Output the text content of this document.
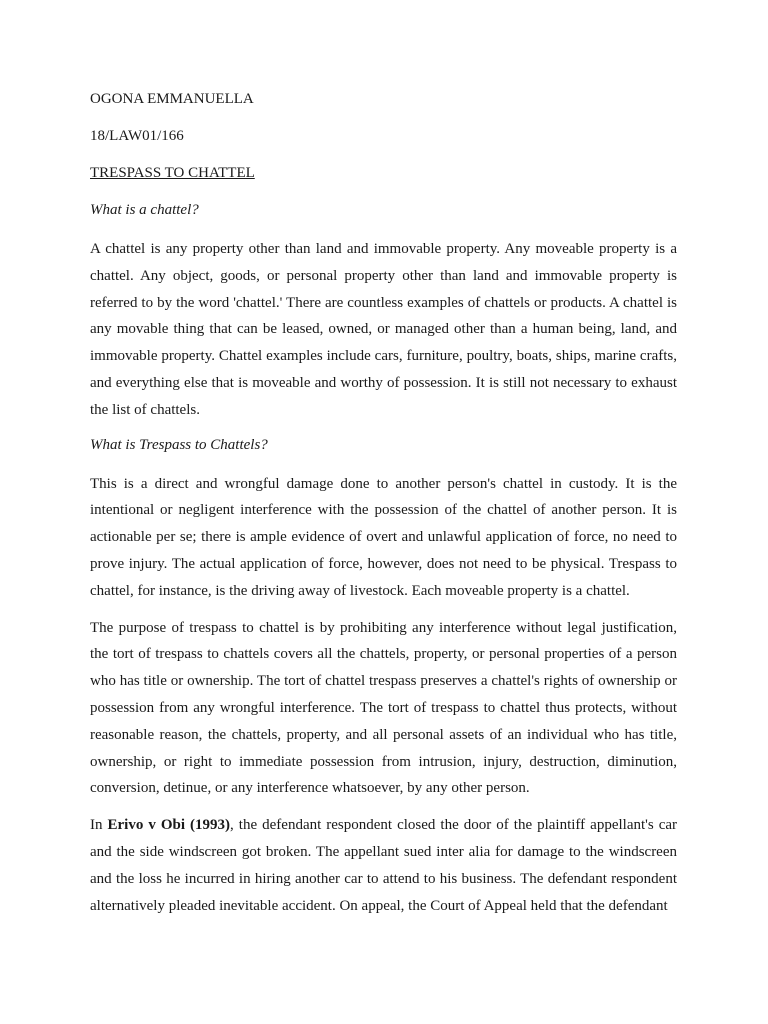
OGONA EMMANUELLA

18/LAW01/166

TRESPASS TO CHATTEL

What is a chattel?

A chattel is any property other than land and immovable property. Any moveable property is a chattel. Any object, goods, or personal property other than land and immovable property is referred to by the word 'chattel.' There are countless examples of chattels or products. A chattel is any movable thing that can be leased, owned, or managed other than a human being, land, and immovable property. Chattel examples include cars, furniture, poultry, boats, ships, marine crafts, and everything else that is moveable and worthy of possession. It is still not necessary to exhaust the list of chattels.

What is Trespass to Chattels?

This is a direct and wrongful damage done to another person's chattel in custody. It is the intentional or negligent interference with the possession of the chattel of another person. It is actionable per se; there is ample evidence of overt and unlawful application of force, no need to prove injury. The actual application of force, however, does not need to be physical. Trespass to chattel, for instance, is the driving away of livestock. Each moveable property is a chattel.

The purpose of trespass to chattel is by prohibiting any interference without legal justification, the tort of trespass to chattels covers all the chattels, property, or personal properties of a person who has title or ownership. The tort of chattel trespass preserves a chattel's rights of ownership or possession from any wrongful interference. The tort of trespass to chattel thus protects, without reasonable reason, the chattels, property, and all personal assets of an individual who has title, ownership, or right to immediate possession from intrusion, injury, destruction, diminution, conversion, detinue, or any interference whatsoever, by any other person.

In Erivo v Obi (1993), the defendant respondent closed the door of the plaintiff appellant's car and the side windscreen got broken. The appellant sued inter alia for damage to the windscreen and the loss he incurred in hiring another car to attend to his business. The defendant respondent alternatively pleaded inevitable accident. On appeal, the Court of Appeal held that the defendant
